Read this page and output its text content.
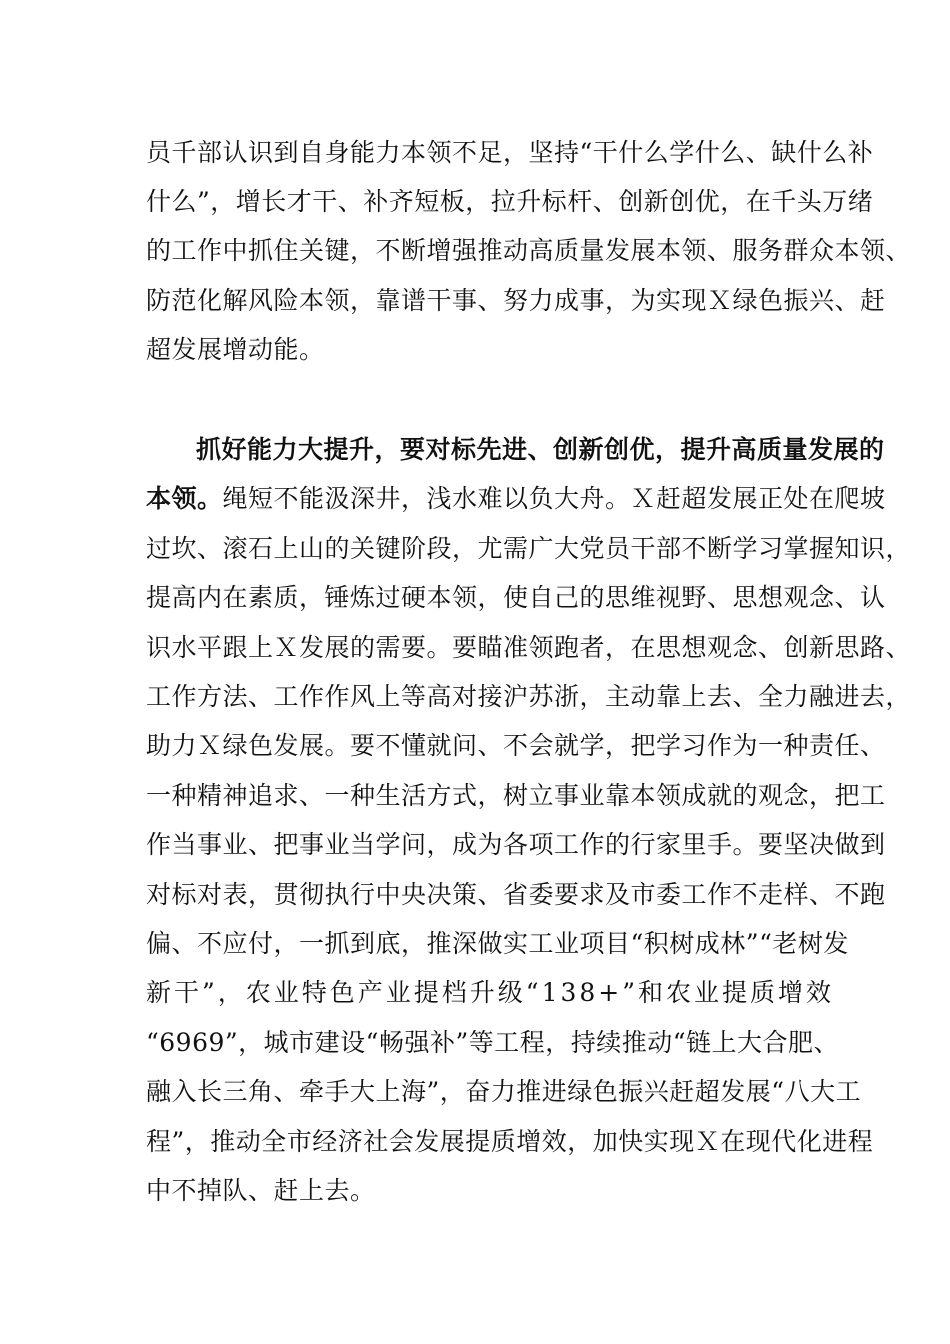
员千部认识到自身能力本领不足，坚持“干什么学什么、缺什么补
什么”，增长才干、补齐短板，拉升标杆、创新创优，在千头万绪
的工作中抓住关键，不断增强推动高质量发展本领、服务群众本领、
防范化解风险本领，靠谱干事、努力成事，为实现Ｘ绿色振兴、赶
超发展增动能。
抓好能力大提升，要对标先进、创新创优，提升高质量发展的
本领。绳短不能汲深井，浅水难以负大舟。Ｘ赶超发展正处在爬坡
过坎、滚石上山的关键阶段，尤需广大党员干部不断学习掌握知识，
提高内在素质，锤炼过硬本领，使自己的思维视野、思想观念、认
识水平跟上Ｘ发展的需要。要瞄准领跑者，在思想观念、创新思路、
工作方法、工作作风上等高对接沪苏浙，主动靠上去、全力融进去，
助力Ｘ绿色发展。要不懂就问、不会就学，把学习作为一种责任、
一种精神追求、一种生活方式，树立事业靠本领成就的观念，把工
作当事业、把事业当学问，成为各项工作的行家里手。要坚决做到
对标对表，贯彻执行中央决策、省委要求及市委工作不走样、不跑
偏、不应付，一抓到底，推深做实工业项目“积树成林”“老树发
新干”，农业特色产业提档升级“138+”和农业提质增效
“6969”，城市建设“畅强补”等工程，持续推动“链上大合肥、
融入长三角、牵手大上海”，奋力推进绿色振兴赶超发展“八大工
程”，推动全市经济社会发展提质增效，加快实现Ｘ在现代化进程
中不掉队、赶上去。
